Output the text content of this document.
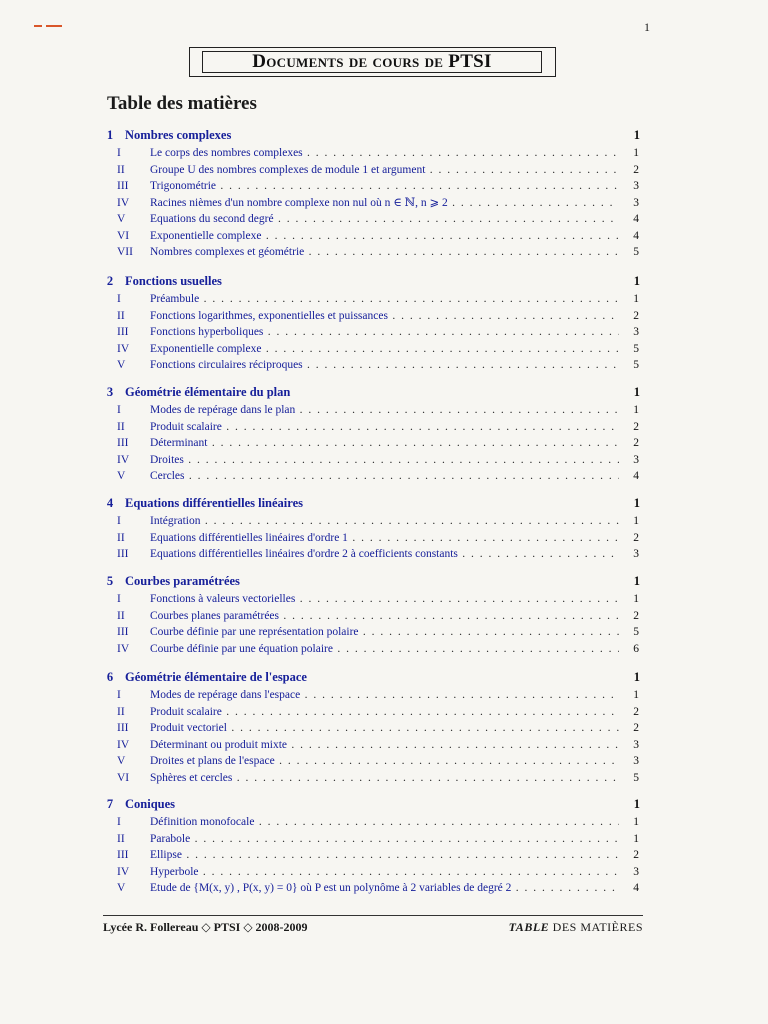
1
Documents de cours de PTSI
Table des matières
1 Nombres complexes	1
I	Le corps des nombres complexes . . .	1
II	Groupe U des nombres complexes de module 1 et argument . . .	2
III	Trigonométrie . . .	3
IV	Racines nièmes d'un nombre complexe non nul où n ∈ ℕ, n ⩾ 2 . . .	3
V	Equations du second degré . . .	4
VI	Exponentielle complexe . . .	4
VII	Nombres complexes et géométrie . . .	5
2 Fonctions usuelles	1
I	Préambule . . .	1
II	Fonctions logarithmes, exponentielles et puissances . . .	2
III	Fonctions hyperboliques . . .	3
IV	Exponentielle complexe . . .	5
V	Fonctions circulaires réciproques . . .	5
3 Géométrie élémentaire du plan	1
I	Modes de repérage dans le plan . . .	1
II	Produit scalaire . . .	2
III	Déterminant . . .	2
IV	Droites . . .	3
V	Cercles . . .	4
4 Equations différentielles linéaires	1
I	Intégration . . .	1
II	Equations différentielles linéaires d'ordre 1 . . .	2
III	Equations différentielles linéaires d'ordre 2 à coefficients constants . . .	3
5 Courbes paramétrées	1
I	Fonctions à valeurs vectorielles . . .	1
II	Courbes planes paramétrées . . .	2
III	Courbe définie par une représentation polaire . . .	5
IV	Courbe définie par une équation polaire . . .	6
6 Géométrie élémentaire de l'espace	1
I	Modes de repérage dans l'espace . . .	1
II	Produit scalaire . . .	2
III	Produit vectoriel . . .	2
IV	Déterminant ou produit mixte . . .	3
V	Droites et plans de l'espace . . .	3
VI	Sphères et cercles . . .	5
7 Coniques	1
I	Définition monofocale . . .	1
II	Parabole . . .	1
III	Ellipse . . .	2
IV	Hyperbole . . .	3
V	Etude de {M(x, y) , P(x, y) = 0} où P est un polynôme à 2 variables de degré 2 . . .	4
Lycée R. Follereau ◇ PTSI ◇ 2008-2009	TABLE DES MATIÈRES
